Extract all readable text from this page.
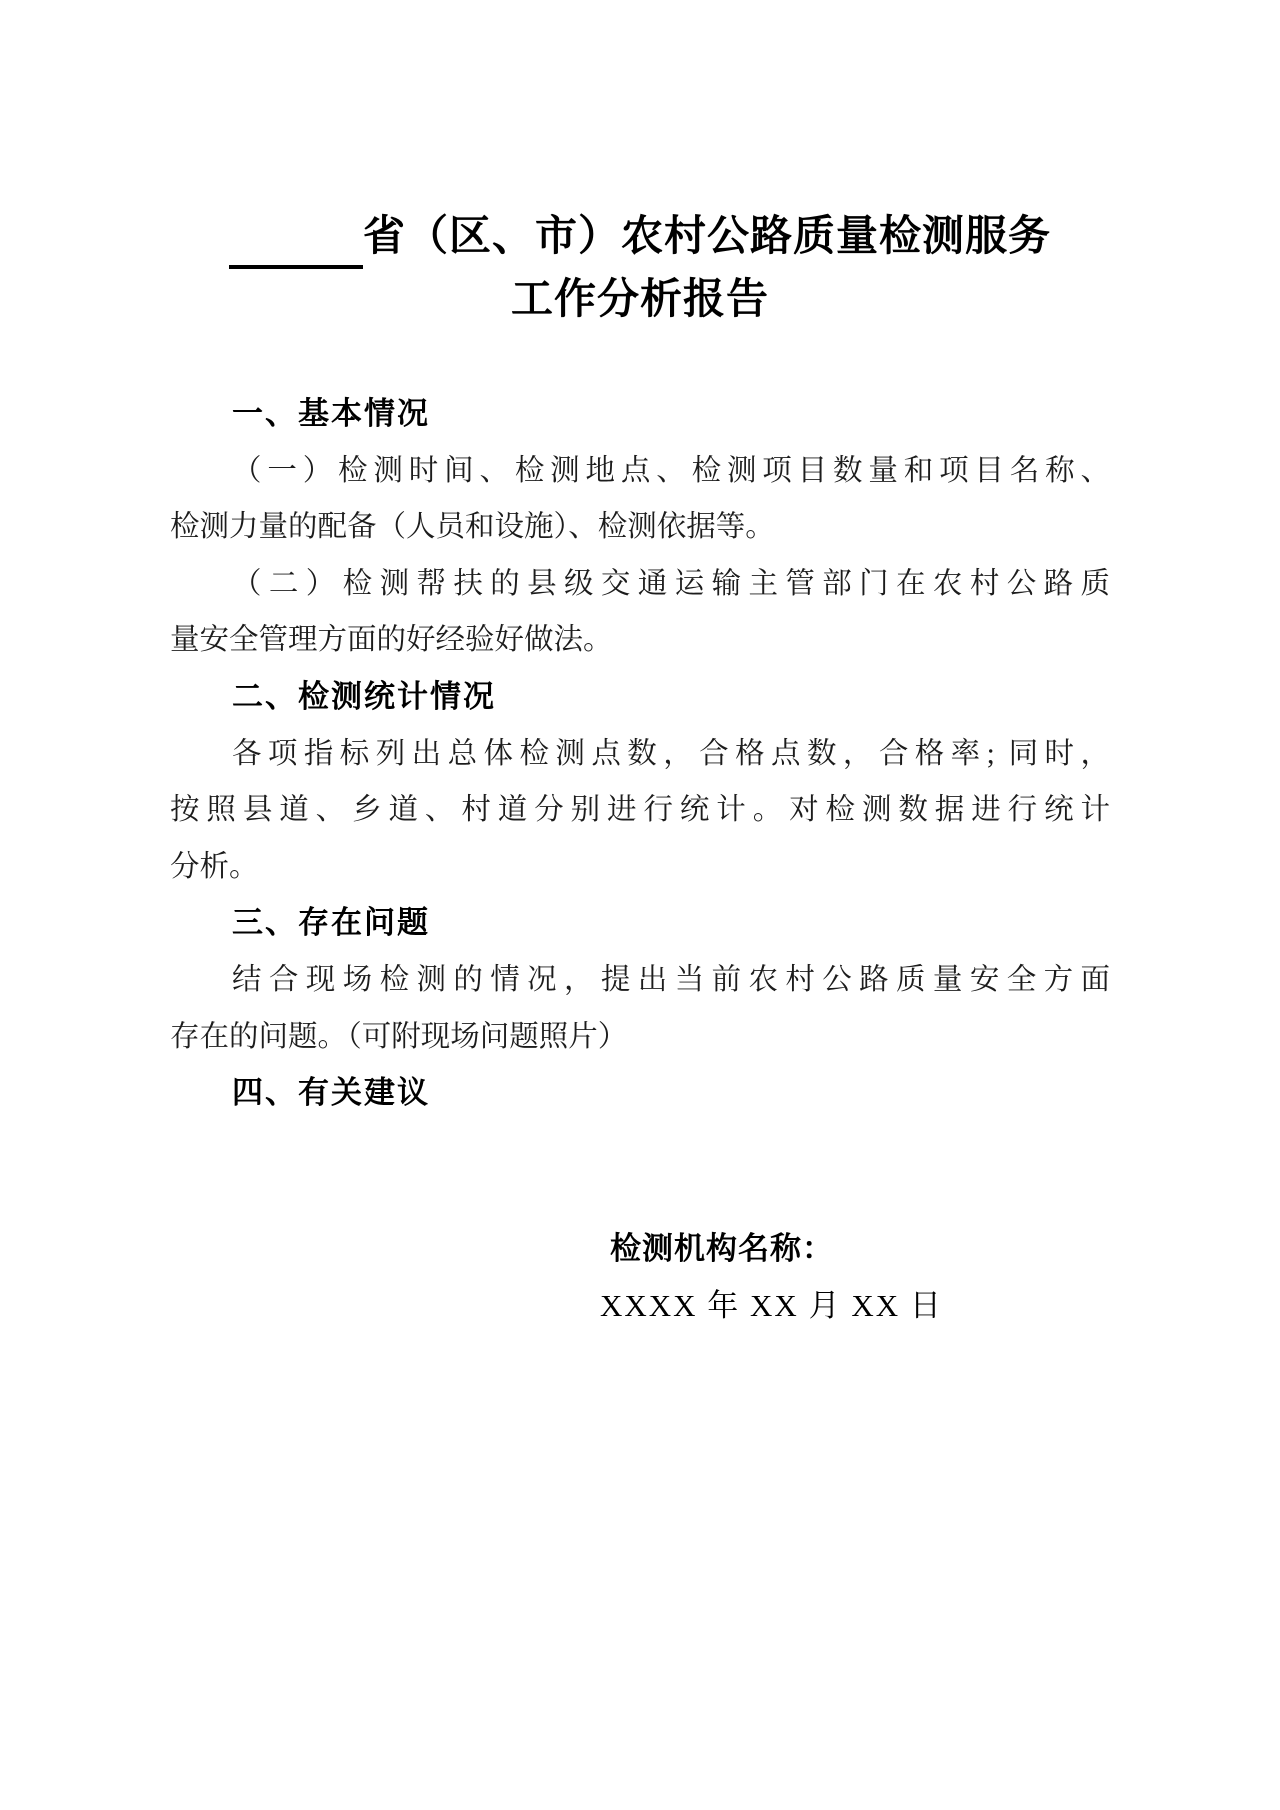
省（区、市）农村公路质量检测服务
工作分析报告
一、基本情况
（一）检测时间、检测地点、检测项目数量和项目名称、
检测力量的配备（人员和设施）、检测依据等。
（二）检测帮扶的县级交通运输主管部门在农村公路质
量安全管理方面的好经验好做法。
二、检测统计情况
各项指标列出总体检测点数，合格点数，合格率; 同时，
按照县道、乡道、村道分别进行统计。对检测数据进行统计
分析。
三、存在问题
结合现场检测的情况，提出当前农村公路质量安全方面
存在的问题。（可附现场问题照片）
四、有关建议
检测机构名称：
XXXX 年 XX 月 XX 日
